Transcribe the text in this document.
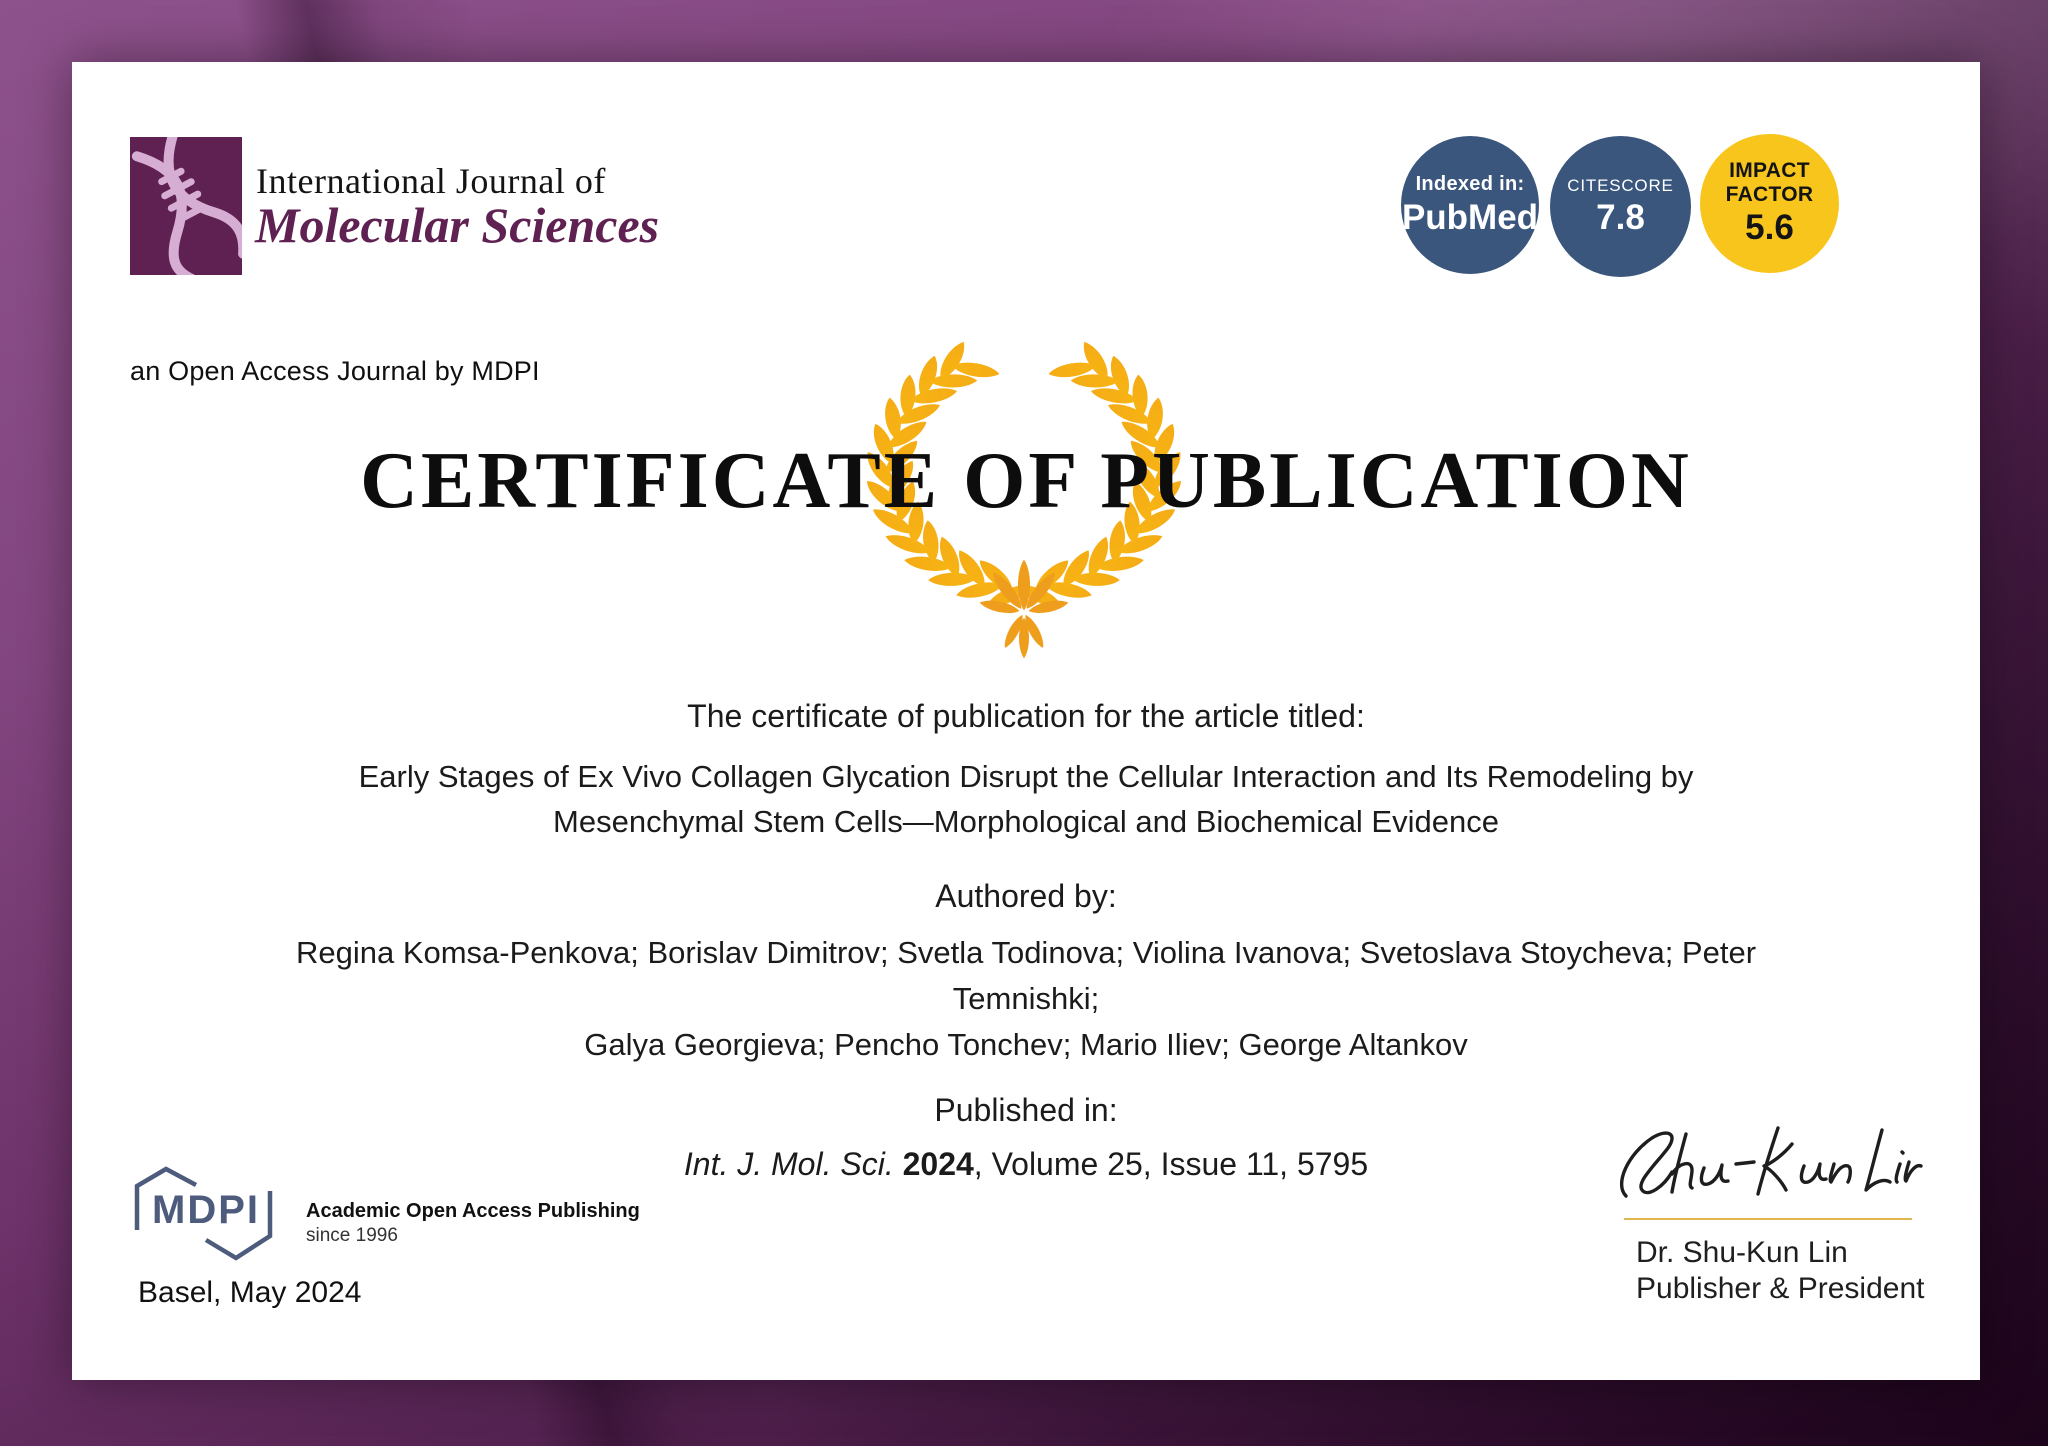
International Journal of
Molecular Sciences
an Open Access Journal by MDPI
Indexed in:
PubMed
CITESCORE
7.8
IMPACT
FACTOR
5.6
CERTIFICATE OF PUBLICATION
The certificate of publication for the article titled:
Early Stages of Ex Vivo Collagen Glycation Disrupt the Cellular Interaction and Its Remodeling by
Mesenchymal Stem Cells—Morphological and Biochemical Evidence
Authored by:
Regina Komsa-Penkova; Borislav Dimitrov; Svetla Todinova; Violina Ivanova; Svetoslava Stoycheva; Peter
Temnishki;
Galya Georgieva; Pencho Tonchev; Mario Iliev; George Altankov
Published in:
Int. J. Mol. Sci. 2024, Volume 25, Issue 11, 5795
MDPI Academic Open Access Publishing
since 1996
Basel, May 2024
Dr. Shu-Kun Lin
Publisher & President
